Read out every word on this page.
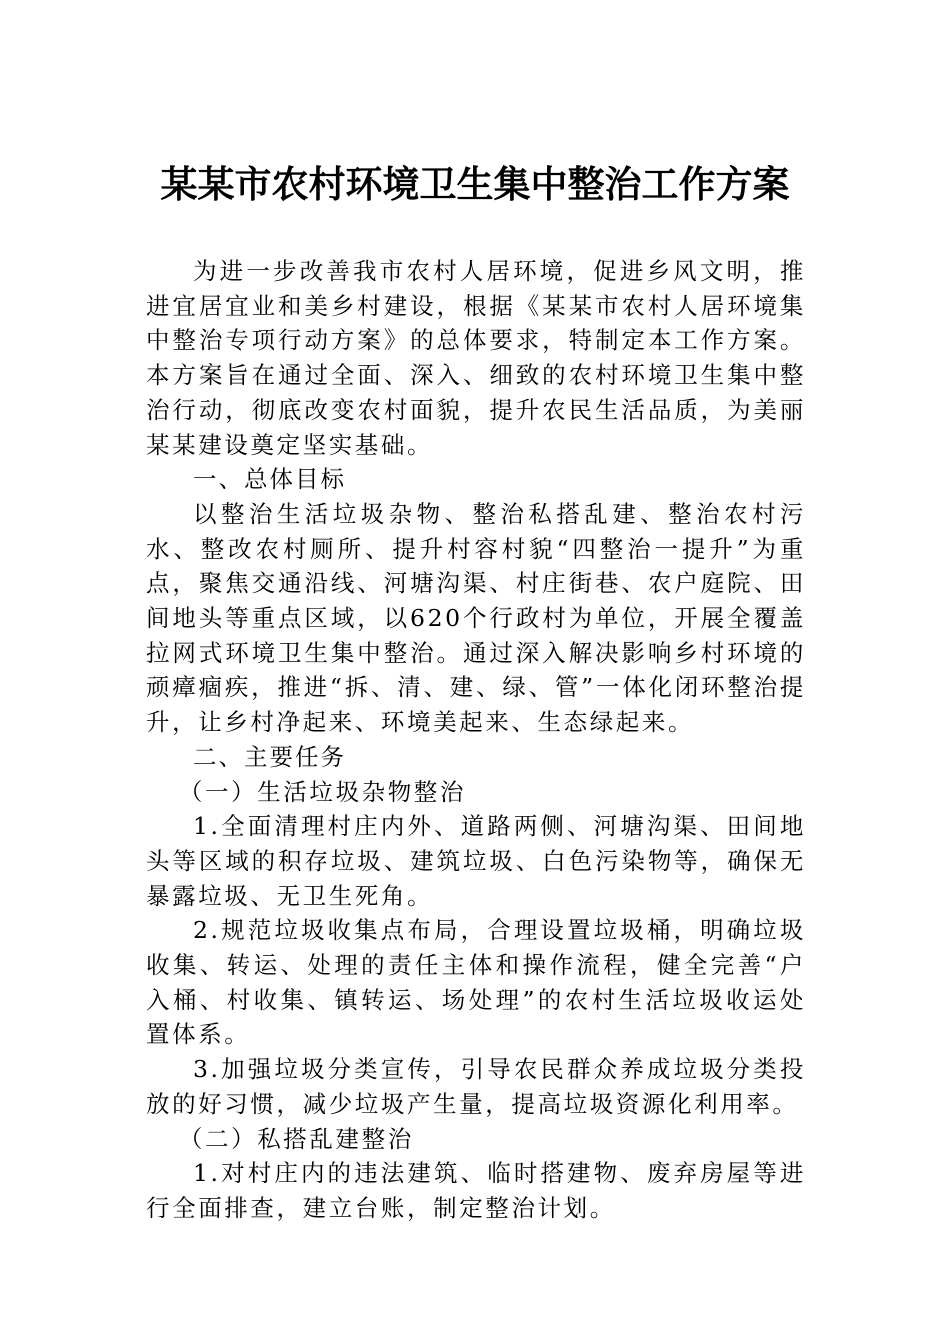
某某市农村环境卫生集中整治工作方案

为进一步改善我市农村人居环境，促进乡风文明，推进宜居宜业和美乡村建设，根据《某某市农村人居环境集中整治专项行动方案》的总体要求，特制定本工作方案。本方案旨在通过全面、深入、细致的农村环境卫生集中整治行动，彻底改变农村面貌，提升农民生活品质，为美丽某某建设奠定坚实基础。

一、总体目标

以整治生活垃圾杂物、整治私搭乱建、整治农村污水、整改农村厕所、提升村容村貌“四整治一提升”为重点，聚焦交通沿线、河塘沟渠、村庄街巷、农户庭院、田间地头等重点区域，以620个行政村为单位，开展全覆盖拉网式环境卫生集中整治。通过深入解决影响乡村环境的顽瘴痼疾，推进“拆、清、建、绿、管”一体化闭环整治提升，让乡村净起来、环境美起来、生态绿起来。

二、主要任务

（一）生活垃圾杂物整治

1.全面清理村庄内外、道路两侧、河塘沟渠、田间地头等区域的积存垃圾、建筑垃圾、白色污染物等，确保无暴露垃圾、无卫生死角。

2.规范垃圾收集点布局，合理设置垃圾桶，明确垃圾收集、转运、处理的责任主体和操作流程，健全完善“户入桶、村收集、镇转运、场处理”的农村生活垃圾收运处置体系。

3.加强垃圾分类宣传，引导农民群众养成垃圾分类投放的好习惯，减少垃圾产生量，提高垃圾资源化利用率。

（二）私搭乱建整治

1.对村庄内的违法建筑、临时搭建物、废弃房屋等进行全面排查，建立台账，制定整治计划。
